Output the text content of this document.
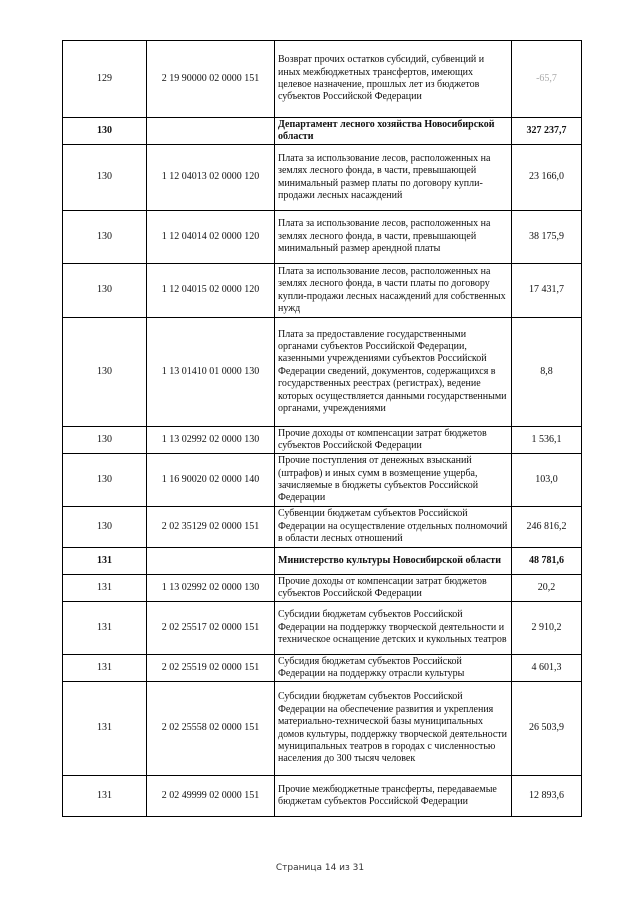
129	2 19 90000 02 0000 151	Возврат прочих остатков субсидий, субвенций и иных межбюджетных трансфертов, имеющих целевое назначение, прошлых лет из бюджетов субъектов Российской Федерации	-65,7
130		Департамент лесного хозяйства Новосибирской области	327 237,7
130	1 12 04013 02 0000 120	Плата за использование лесов, расположенных на землях лесного фонда, в части, превышающей минимальный размер платы по договору купли-продажи лесных насаждений	23 166,0
130	1 12 04014 02 0000 120	Плата за использование лесов, расположенных на землях лесного фонда, в части, превышающей минимальный размер арендной платы	38 175,9
130	1 12 04015 02 0000 120	Плата за использование лесов, расположенных на землях лесного фонда, в части платы по договору купли-продажи лесных насаждений для собственных нужд	17 431,7
130	1 13 01410 01 0000 130	Плата за предоставление государственными органами субъектов Российской Федерации, казенными учреждениями субъектов Российской Федерации сведений, документов, содержащихся в государственных реестрах (регистрах), ведение которых осуществляется данными государственными органами, учреждениями	8,8
130	1 13 02992 02 0000 130	Прочие доходы от компенсации затрат бюджетов субъектов Российской Федерации	1 536,1
130	1 16 90020 02 0000 140	Прочие поступления от денежных взысканий (штрафов) и иных сумм в возмещение ущерба, зачисляемые в бюджеты субъектов Российской Федерации	103,0
130	2 02 35129 02 0000 151	Субвенции бюджетам субъектов Российской Федерации на осуществление отдельных полномочий в области лесных отношений	246 816,2
131		Министерство культуры Новосибирской области	48 781,6
131	1 13 02992 02 0000 130	Прочие доходы от компенсации затрат бюджетов субъектов Российской Федерации	20,2
131	2 02 25517 02 0000 151	Субсидии бюджетам субъектов Российской Федерации на поддержку творческой деятельности и техническое оснащение детских и кукольных театров	2 910,2
131	2 02 25519 02 0000 151	Субсидия бюджетам субъектов Российской Федерации на поддержку отрасли культуры	4 601,3
131	2 02 25558 02 0000 151	Субсидии бюджетам субъектов Российской Федерации на обеспечение развития и укрепления материально-технической базы муниципальных домов культуры, поддержку творческой деятельности муниципальных театров в городах с численностью населения до 300 тысяч человек	26 503,9
131	2 02 49999 02 0000 151	Прочие межбюджетные трансферты, передаваемые бюджетам субъектов Российской Федерации	12 893,6
Страница 14 из 31
